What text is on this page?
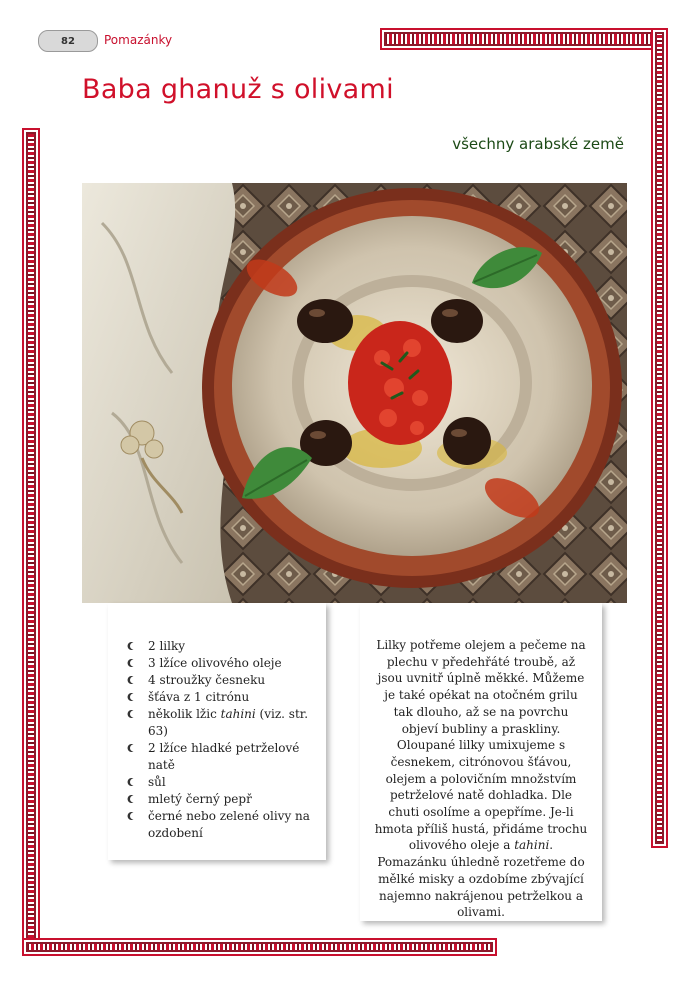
82 Pomazánky
Baba ghanuž s olivami
všechny arabské země
2 lilky
3 lžíce olivového oleje
4 stroužky česneku
šťáva z 1 citrónu
několik lžic tahini (viz. str. 63)
2 lžíce hladké petrželové natě
sůl
mletý černý pepř
černé nebo zelené olivy na ozdobení

Lilky potřeme olejem a pečeme na plechu v předehřáté troubě, až jsou uvnitř úplně měkké. Můžeme je také opékat na otočném grilu tak dlouho, až se na povrchu objeví bubliny a praskliny. Oloupané lilky umixujeme s česnekem, citrónovou šťávou, olejem a polovičním množstvím petrželové natě dohladka. Dle chuti osolíme a opepříme. Je-li hmota příliš hustá, přidáme trochu olivového oleje a tahini. Pomazánku úhledně rozetřeme do mělké misky a ozdobíme zbývající najemno nakrájenou petrželkou a olivami.
